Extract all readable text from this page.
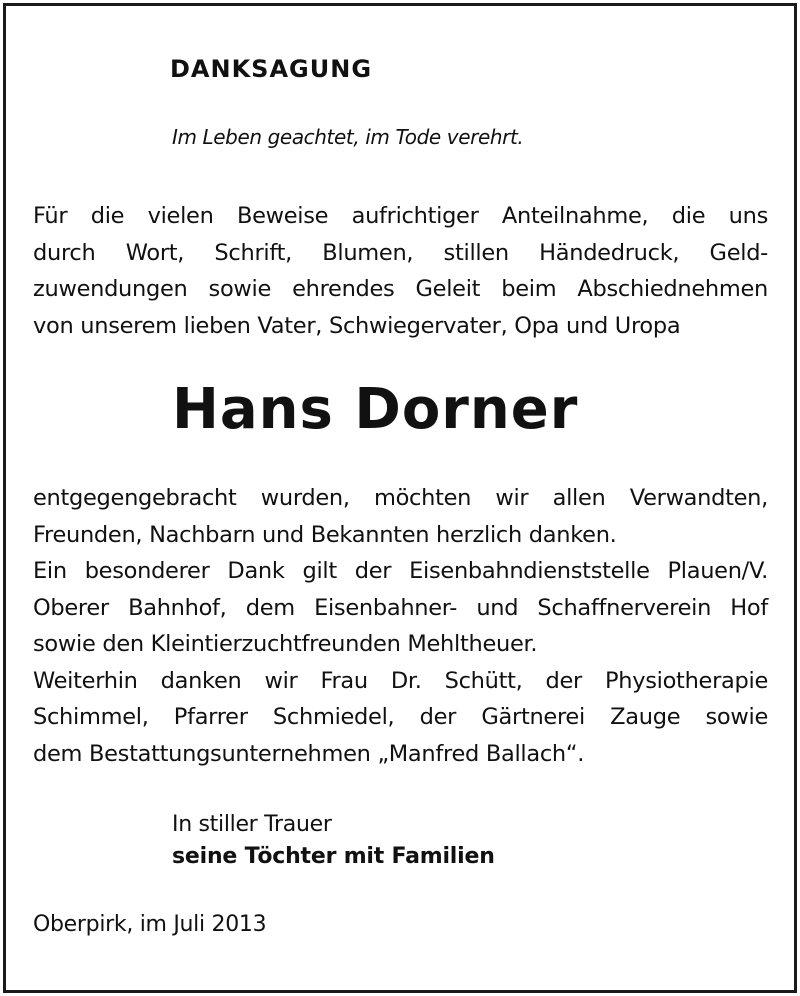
DANKSAGUNG
Im Leben geachtet, im Tode verehrt.
Für die vielen Beweise aufrichtiger Anteilnahme, die uns
durch Wort, Schrift, Blumen, stillen Händedruck, Geld-
zuwendungen sowie ehrendes Geleit beim Abschiednehmen
von unserem lieben Vater, Schwiegervater, Opa und Uropa
Hans Dorner
entgegengebracht wurden, möchten wir allen Verwandten,
Freunden, Nachbarn und Bekannten herzlich danken.
Ein besonderer Dank gilt der Eisenbahndienststelle Plauen/V.
Oberer Bahnhof, dem Eisenbahner- und Schaffnerverein Hof
sowie den Kleintierzuchtfreunden Mehltheuer.
Weiterhin danken wir Frau Dr. Schütt, der Physiotherapie
Schimmel, Pfarrer Schmiedel, der Gärtnerei Zauge sowie
dem Bestattungsunternehmen „Manfred Ballach“.
In stiller Trauer
seine Töchter mit Familien
Oberpirk, im Juli 2013
